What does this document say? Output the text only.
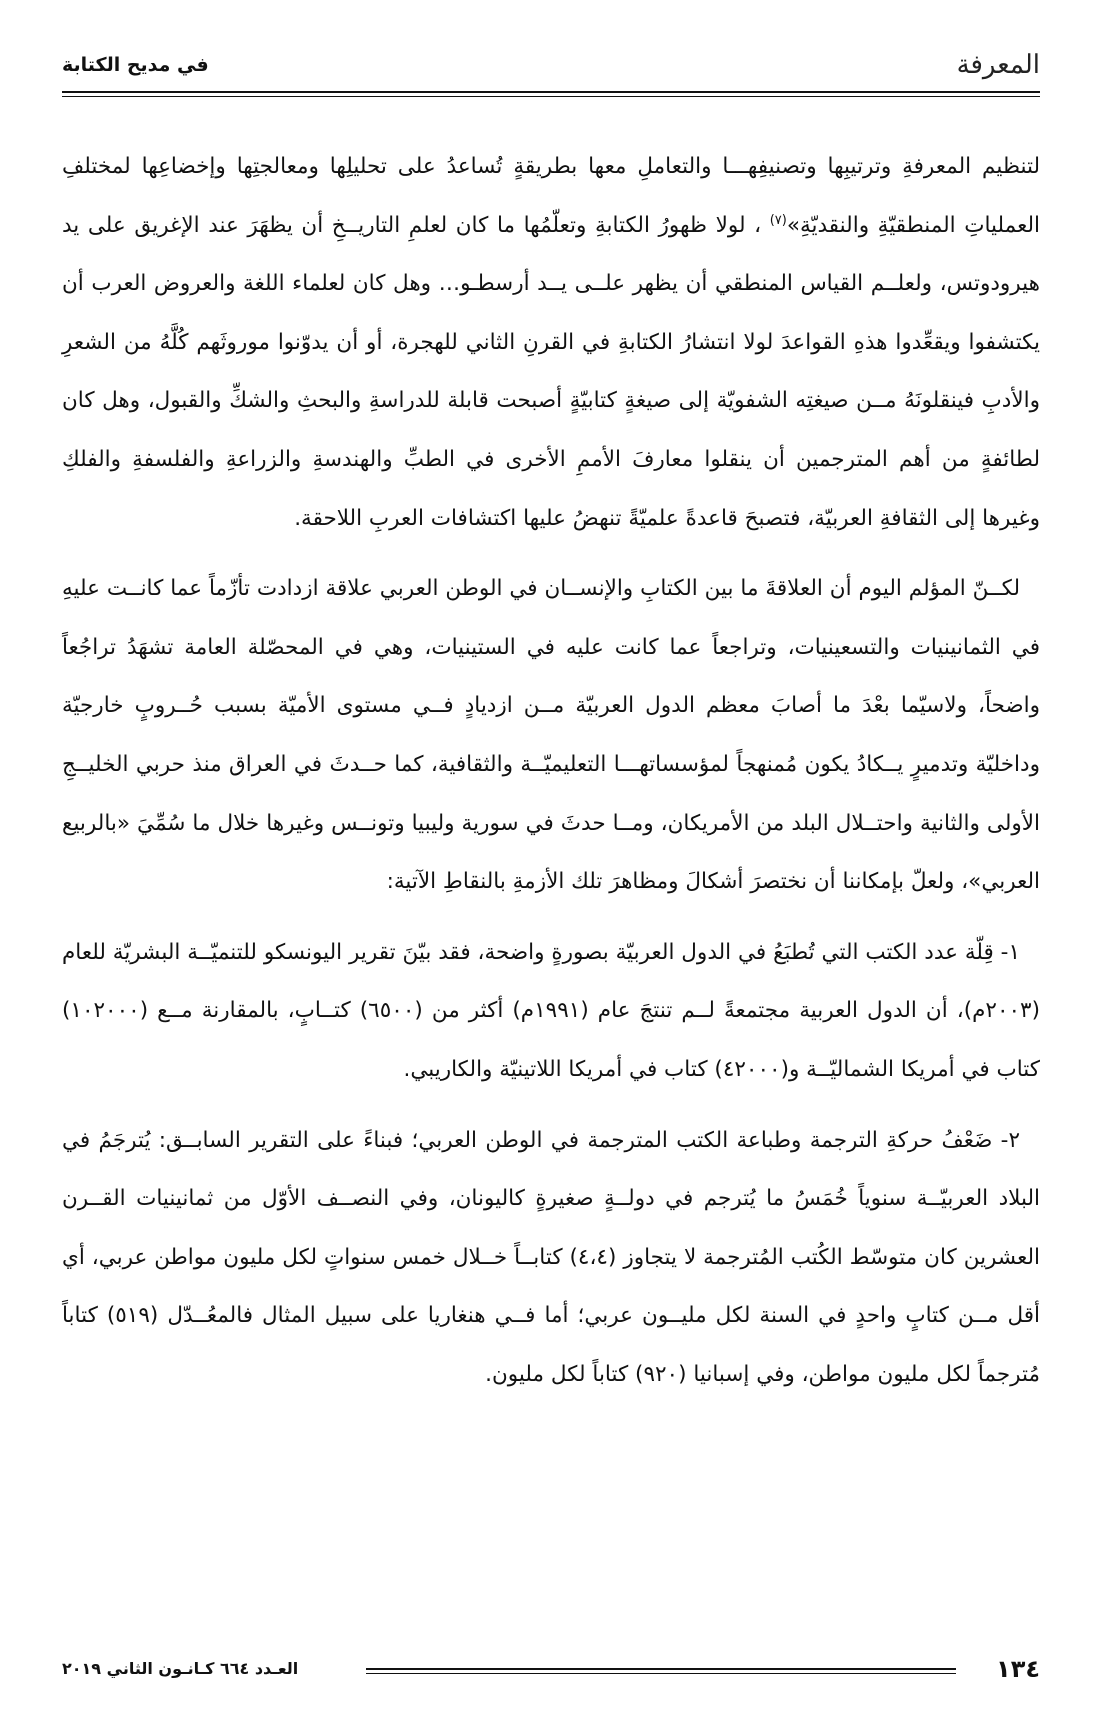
المعرفة
في مديح الكتابة

لتنظيم المعرفةِ وترتيبِها وتصنيفِهـــا والتعاملِ معها بطريقةٍ تُساعدُ على تحليلِها ومعالجتِها وإخضاعِها لمختلفِ العملياتِ المنطقيّةِ والنقديّةِ»$^{(٧)}$ ، لولا ظهورُ الكتابةِ وتعلّمُها ما كان لعلمِ التاريــخِ أن يظهَرَ عند الإغريق على يد هيرودوتس، ولعلــم القياس المنطقي أن يظهر علــى يــد أرسطـو… وهل كان لعلماء اللغة والعروض العرب أن يكتشفوا ويقعِّدوا هذهِ القواعدَ لولا انتشارُ الكتابةِ في القرنِ الثاني للهجرة، أو أن يدوّنوا موروثَهم كُلَّهُ من الشعرِ والأدبِ فينقلونَهُ مــن صيغتِه الشفويّة إلى صيغةٍ كتابيّةٍ أصبحت قابلة للدراسةِ والبحثِ والشكِّ والقبول، وهل كان لطائفةٍ من أهم المترجمين أن ينقلوا معارفَ الأممِ الأخرى في الطبِّ والهندسةِ والزراعةِ والفلسفةِ والفلكِ وغيرها إلى الثقافةِ العربيّة، فتصبحَ قاعدةً علميّةً تنهضُ عليها اكتشافات العربِ اللاحقة.

لكــنّ المؤلم اليوم أن العلاقةَ ما بين الكتابِ والإنســان في الوطن العربي علاقة ازدادت تأزّماً عما كانــت عليهِ في الثمانينيات والتسعينيات، وتراجعاً عما كانت عليه في الستينيات، وهي في المحصّلة العامة تشهَدُ تراجُعاً واضحاً، ولاسيّما بعْدَ ما أصابَ معظم الدول العربيّة مــن ازديادٍ فــي مستوى الأميّة بسبب حُــروبٍ خارجيّة وداخليّة وتدميرٍ يــكادُ يكون مُمنهجاً لمؤسساتهـــا التعليميّــة والثقافية، كما حــدثَ في العراق منذ حربي الخليــجِ الأولى والثانية واحتــلال البلد من الأمريكان، ومــا حدثَ في سورية وليبيا وتونــس وغيرها خلال ما سُمِّيَ «بالربيع العربي»، ولعلّ بإمكاننا أن نختصرَ أشكالَ ومظاهرَ تلك الأزمةِ بالنقاطِ الآتية:

١- قِلّة عدد الكتب التي تُطبَعُ في الدول العربيّة بصورةٍ واضحة، فقد بيّنَ تقرير اليونسكو للتنميّــة البشريّة للعام (٢٠٠٣م)، أن الدول العربية مجتمعةً لــم تنتجَ عام (١٩٩١م) أكثر من (٦٥٠٠) كتــابٍ، بالمقارنة مــع (١٠٢٠٠٠) كتاب في أمريكا الشماليّــة و(٤٢٠٠٠) كتاب في أمريكا اللاتينيّة والكاريبي.

٢- ضَعْفُ حركةِ الترجمة وطباعة الكتب المترجمة في الوطن العربي؛ فبناءً على التقرير السابــق: يُترجَمُ في البلاد العربيّــة سنوياً خُمَسُ ما يُترجم في دولــةٍ صغيرةٍ كاليونان، وفي النصــف الأوّل من ثمانينيات القــرن العشرين كان متوسّط الكُتب المُترجمة لا يتجاوز (٤،٤) كتابــاً خــلال خمس سنواتٍ لكل مليون مواطن عربي، أي أقل مــن كتابٍ واحدٍ في السنة لكل مليــون عربي؛ أما فــي هنغاريا على سبيل المثال فالمعُــدّل (٥١٩) كتاباً مُترجماً لكل مليون مواطن، وفي إسبانيا (٩٢٠) كتاباً لكل مليون.

١٣٤
العـدد ٦٦٤ كـانـون الثاني ٢٠١٩
